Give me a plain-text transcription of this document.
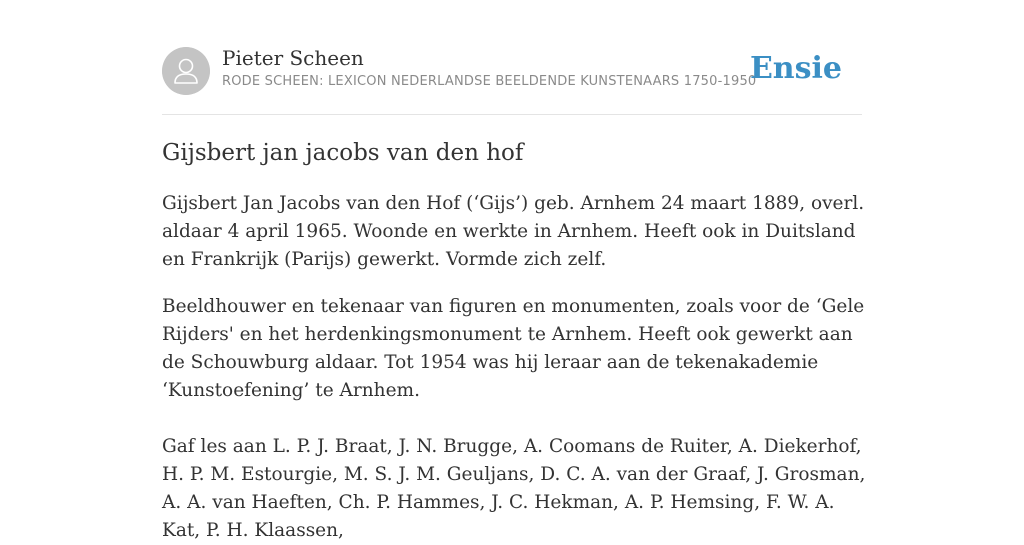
Pieter Scheen
RODE SCHEEN: LEXICON NEDERLANDSE BEELDENDE KUNSTENAARS 1750-1950
Ensie
Gijsbert jan jacobs van den hof

Gijsbert Jan Jacobs van den Hof (‘Gijs’) geb. Arnhem 24 maart 1889, overl. aldaar 4 april 1965. Woonde en werkte in Arnhem. Heeft ook in Duitsland en Frankrijk (Parijs) gewerkt. Vormde zich zelf.

Beeldhouwer en tekenaar van figuren en monumenten, zoals voor de ‘Gele Rijders' en het herdenkingsmonument te Arnhem. Heeft ook gewerkt aan de Schouwburg aldaar. Tot 1954 was hij leraar aan de tekenakademie ‘Kunstoefening’ te Arnhem.

Gaf les aan L. P. J. Braat, J. N. Brugge, A. Coomans de Ruiter, A. Diekerhof, H. P. M. Estourgie, M. S. J. M. Geuljans, D. C. A. van der Graaf, J. Grosman, A. A. van Haeften, Ch. P. Hammes, J. C. Hekman, A. P. Hemsing, F. W. A. Kat, P. H. Klaassen,
